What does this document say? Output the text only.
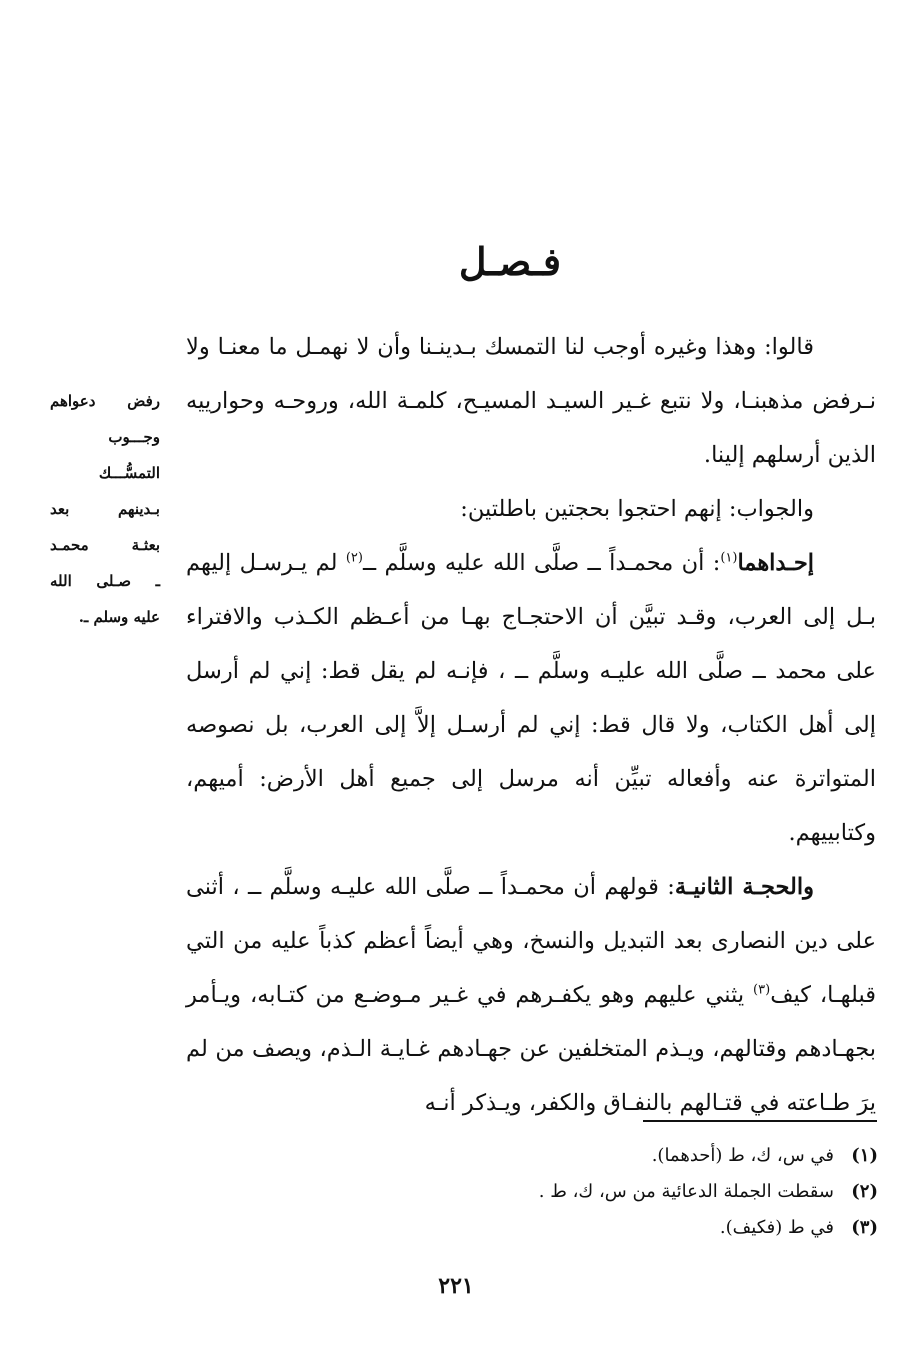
فـصـل
رفض دعواهم
وجـــوب
التمسُّـــك
بـدينهم بعد
بعثـة محمـد
ـ صـلى الله
عليه وسلم ـ.

قالوا: وهذا وغيره أوجب لنا التمسك بـدينـنا وأن لا نهمـل ما معنـا ولا نـرفض مذهبنـا، ولا نتبع غـير السيـد المسيـح، كلمـة الله، وروحـه وحوارييه الذين أرسلهم إلينا.

والجواب: إنهم احتجوا بحجتين باطلتين:

إحـداهما$^{(١)}$: أن محمـداً ــ صلَّى الله عليه وسلَّم ــ$^{(٢)}$ لم يـرسـل إليهم بـل إلى العرب، وقـد تبيَّن أن الاحتجـاج بهـا من أعـظم الكـذب والافتراء على محمد ــ صلَّى الله عليـه وسلَّم ــ ، فإنـه لم يقل قط: إني لم أرسل إلى أهل الكتاب، ولا قال قط: إني لم أرسـل إلاَّ إلى العرب، بل نصوصه المتواترة عنه وأفعاله تبيِّن أنه مرسل إلى جميع أهل الأرض: أميهم، وكتابييهم.

والحجـة الثانيـة: قولهم أن محمـداً ــ صلَّى الله عليـه وسلَّم ــ ، أثنى على دين النصارى بعد التبديل والنسخ، وهي أيضاً أعظم كذباً عليه من التي قبلهـا، كيف$^{(٣)}$ يثني عليهم وهو يكفـرهم في غـير مـوضـع من كتـابه، ويـأمر بجهـادهم وقتالهم، ويـذم المتخلفين عن جهـادهم غـايـة الـذم، ويصف من لم يرَ طـاعته في قتـالهم بالنفـاق والكفر، ويـذكر أنـه

(١)
في س، ك، ط (أحدهما).
(٢)
سقطت الجملة الدعائية من س، ك، ط .
(٣)
في ط (فكيف).
٢٢١
